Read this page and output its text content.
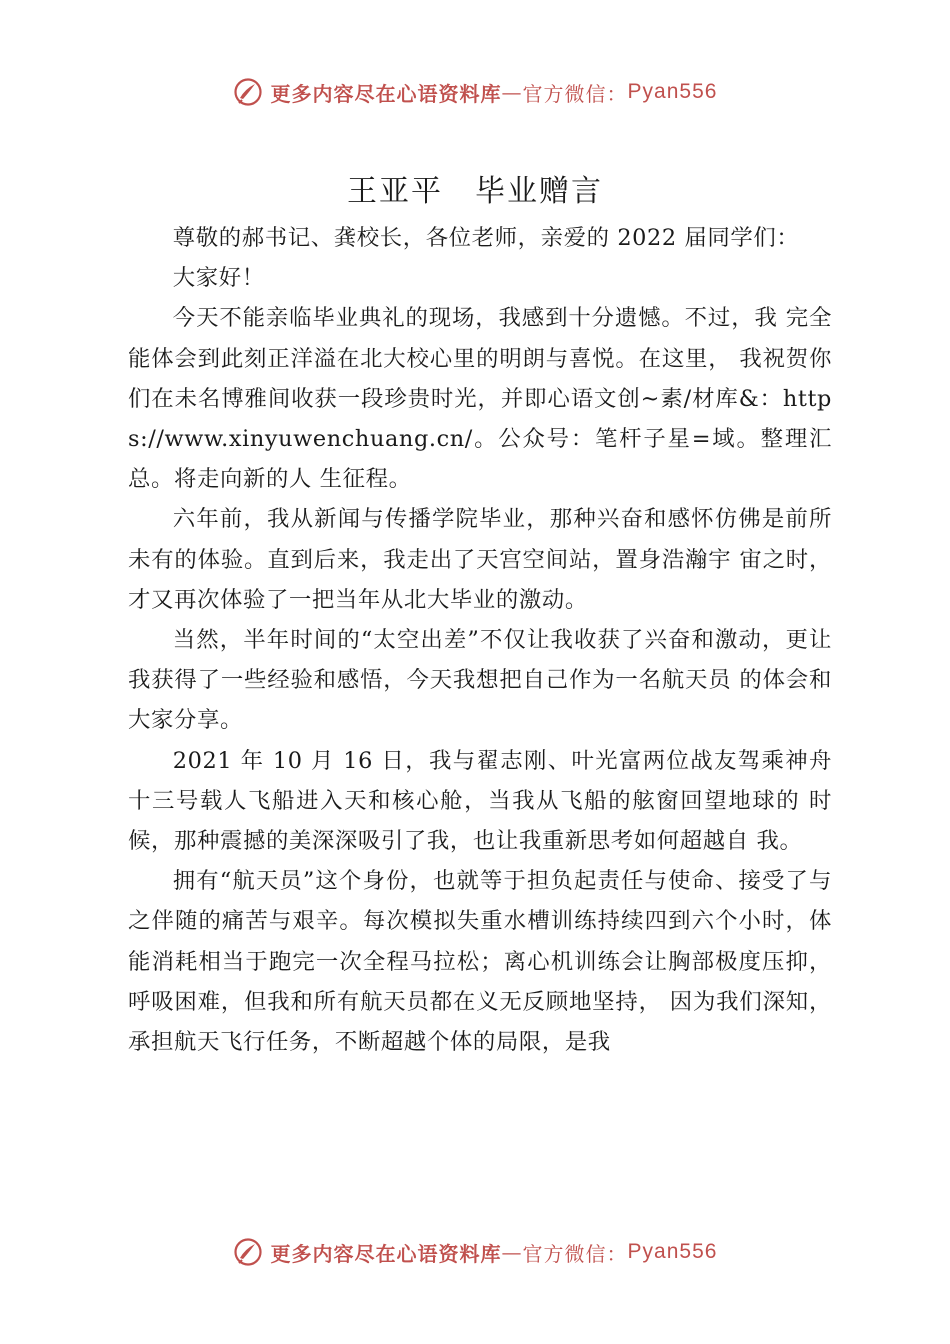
更多内容尽在心语资料库 — 官方微信： Pyan556
王亚平　毕业赠言

尊敬的郝书记、龚校长，各位老师，亲爱的 2022 届同学们：

大家好！

今天不能亲临毕业典礼的现场，我感到十分遗憾。不过，我 完全能体会到此刻正洋溢在北大校心里的明朗与喜悦。在这里， 我祝贺你们在未名博雅间收获一段珍贵时光，并即心语文创~素/材库&：https://www.xinyuwenchuang.cn/。公众号：笔杆子星=域。整理汇总。将走向新的人 生征程。

六年前，我从新闻与传播学院毕业，那种兴奋和感怀仿佛是前所未有的体验。直到后来，我走出了天宫空间站，置身浩瀚宇 宙之时，才又再次体验了一把当年从北大毕业的激动。

当然，半年时间的“太空出差”不仅让我收获了兴奋和激动，更让我获得了一些经验和感悟，今天我想把自己作为一名航天员 的体会和大家分享。

2021 年 10 月 16 日，我与翟志刚、叶光富两位战友驾乘神舟十三号载人飞船进入天和核心舱，当我从飞船的舷窗回望地球的 时候，那种震撼的美深深吸引了我，也让我重新思考如何超越自 我。

拥有“航天员”这个身份，也就等于担负起责任与使命、接受了与之伴随的痛苦与艰辛。每次模拟失重水槽训练持续四到六个小时，体能消耗相当于跑完一次全程马拉松；离心机训练会让胸部极度压抑，呼吸困难，但我和所有航天员都在义无反顾地坚持， 因为我们深知，承担航天飞行任务，不断超越个体的局限，是我

更多内容尽在心语资料库 — 官方微信： Pyan556
